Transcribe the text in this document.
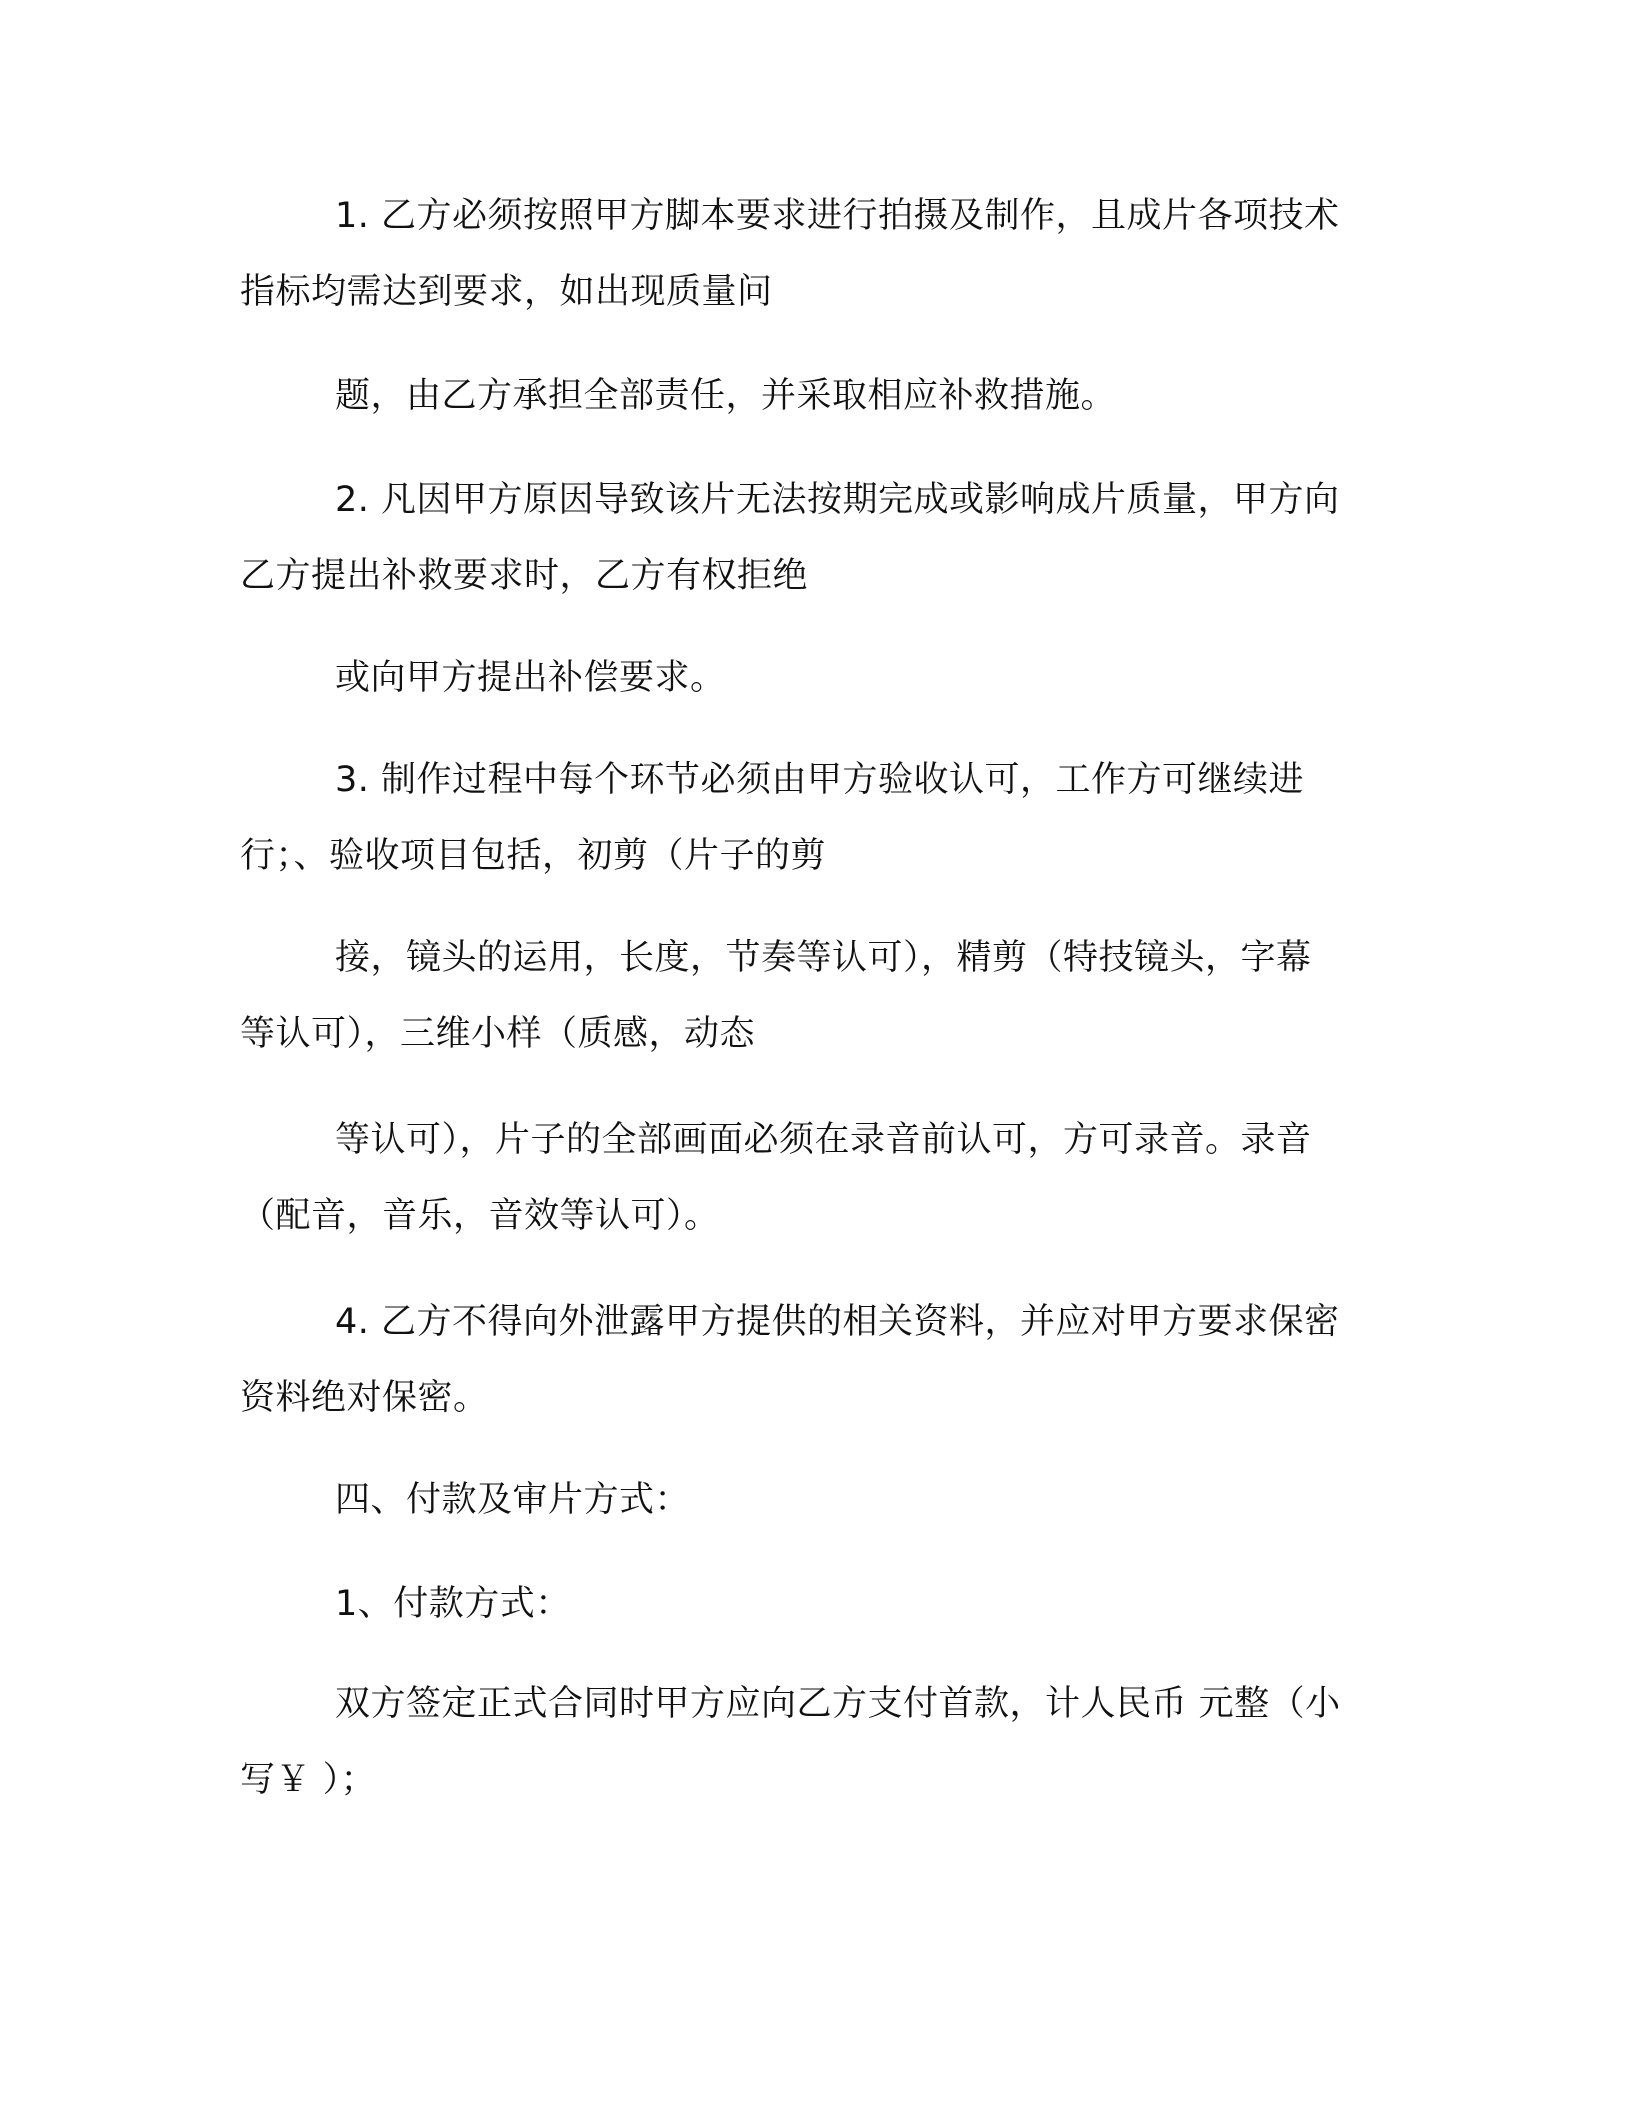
1. 乙方必须按照甲方脚本要求进行拍摄及制作，且成片各项技术
指标均需达到要求，如出现质量问
题，由乙方承担全部责任，并采取相应补救措施。
2. 凡因甲方原因导致该片无法按期完成或影响成片质量，甲方向
乙方提出补救要求时，乙方有权拒绝
或向甲方提出补偿要求。
3. 制作过程中每个环节必须由甲方验收认可，工作方可继续进
行；、验收项目包括，初剪（片子的剪
接，镜头的运用，长度，节奏等认可），精剪（特技镜头，字幕
等认可），三维小样（质感，动态
等认可），片子的全部画面必须在录音前认可，方可录音。录音
（配音，音乐，音效等认可）。
4. 乙方不得向外泄露甲方提供的相关资料，并应对甲方要求保密
资料绝对保密。
四、付款及审片方式：
1、付款方式：
双方签定正式合同时甲方应向乙方支付首款，计人民币 元整（小
写￥ ）；
